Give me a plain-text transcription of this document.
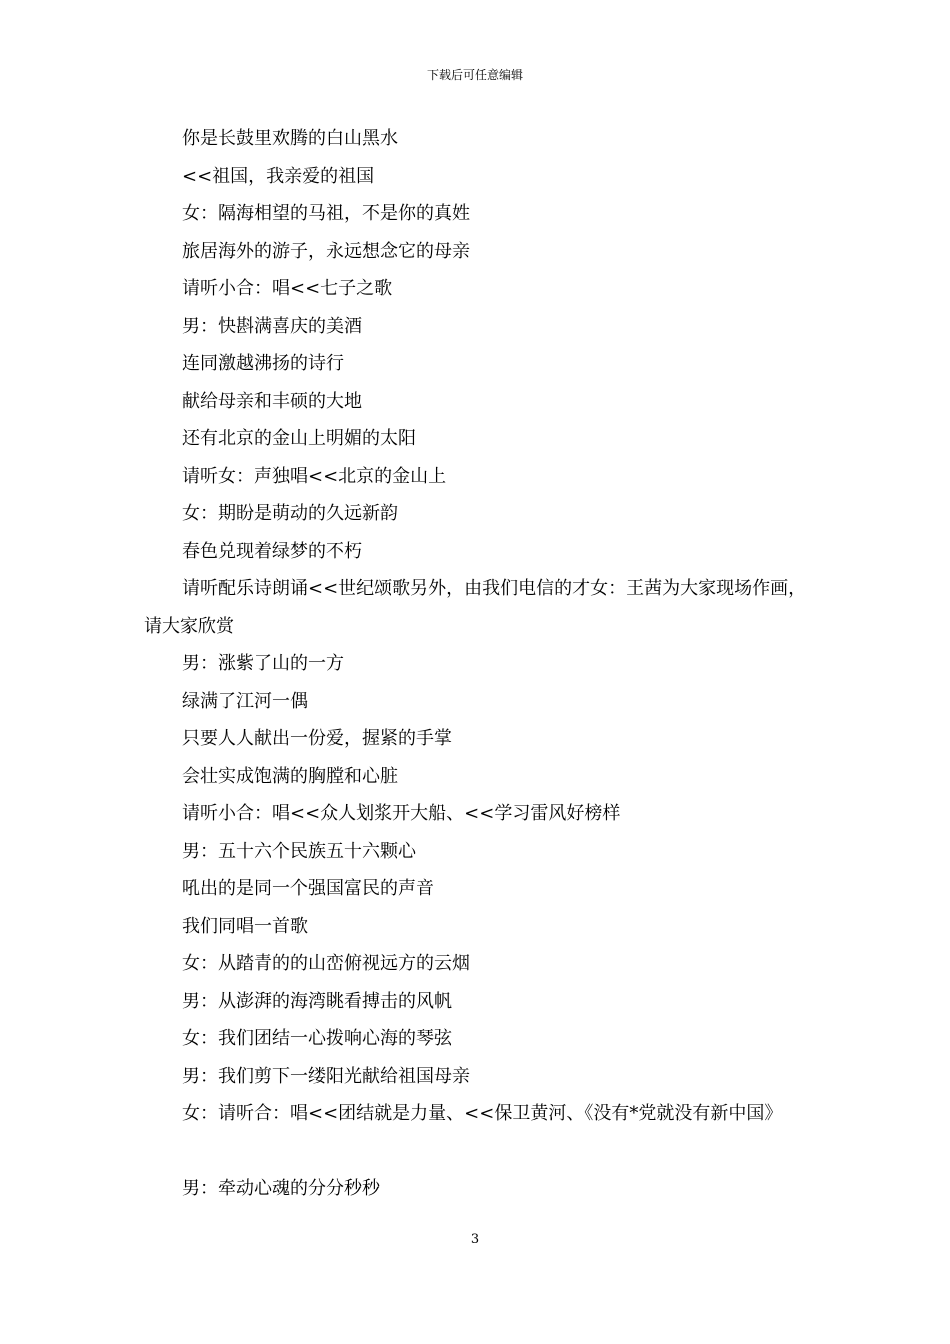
下载后可任意编辑
你是长鼓里欢腾的白山黑水
<<祖国，我亲爱的祖国
女：隔海相望的马祖，不是你的真姓
旅居海外的游子，永远想念它的母亲
请听小合：唱<<七子之歌
男：快斟满喜庆的美酒
连同激越沸扬的诗行
献给母亲和丰硕的大地
还有北京的金山上明媚的太阳
请听女：声独唱<<北京的金山上
女：期盼是萌动的久远新韵
春色兑现着绿梦的不朽
请听配乐诗朗诵<<世纪颂歌另外，由我们电信的才女：王茜为大家现场作画，请大家欣赏
男：涨紫了山的一方
绿满了江河一偶
只要人人献出一份爱，握紧的手掌
会壮实成饱满的胸膛和心脏
请听小合：唱<<众人划浆开大船、<<学习雷风好榜样
男：五十六个民族五十六颗心
吼出的是同一个强国富民的声音
我们同唱一首歌
女：从踏青的的山峦俯视远方的云烟
男：从澎湃的海湾眺看搏击的风帆
女：我们团结一心拨响心海的琴弦
男：我们剪下一缕阳光献给祖国母亲
女：请听合：唱<<团结就是力量、<<保卫黄河、《没有*党就没有新中国》
男：牵动心魂的分分秒秒
3
